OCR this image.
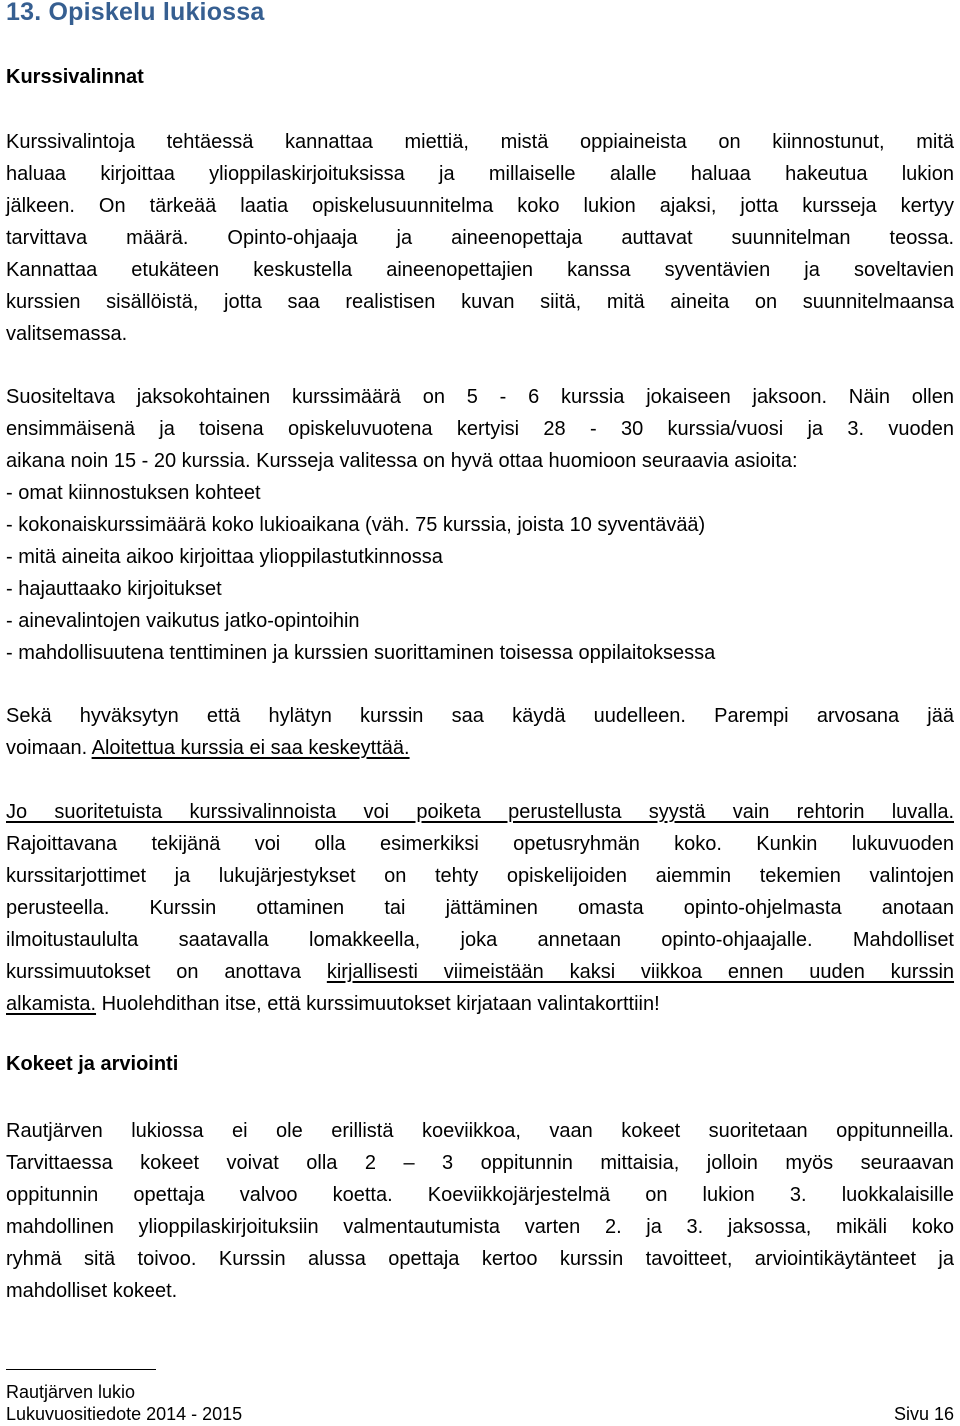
13. Opiskelu lukiossa
Kurssivalinnat
Kurssivalintoja tehtäessä kannattaa miettiä, mistä oppiaineista on kiinnostunut, mitä
haluaa kirjoittaa ylioppilaskirjoituksissa ja millaiselle alalle haluaa hakeutua lukion
jälkeen. On tärkeää laatia opiskelusuunnitelma koko lukion ajaksi, jotta kursseja kertyy
tarvittava määrä. Opinto-ohjaaja ja aineenopettaja auttavat suunnitelman teossa.
Kannattaa etukäteen keskustella aineenopettajien kanssa syventävien ja soveltavien
kurssien sisällöistä, jotta saa realistisen kuvan siitä, mitä aineita on suunnitelmaansa
valitsemassa.
Suositeltava jaksokohtainen kurssimäärä on 5 - 6 kurssia jokaiseen jaksoon. Näin ollen
ensimmäisenä ja toisena opiskeluvuotena kertyisi 28 - 30 kurssia/vuosi ja 3. vuoden
aikana noin 15 - 20 kurssia. Kursseja valitessa on hyvä ottaa huomioon seuraavia asioita:
- omat kiinnostuksen kohteet
- kokonaiskurssimäärä koko lukioaikana (väh. 75 kurssia, joista 10 syventävää)
- mitä aineita aikoo kirjoittaa ylioppilastutkinnossa
- hajauttaako kirjoitukset
- ainevalintojen vaikutus jatko-opintoihin
- mahdollisuutena tenttiminen ja kurssien suorittaminen toisessa oppilaitoksessa
Sekä hyväksytyn että hylätyn kurssin saa käydä uudelleen. Parempi arvosana jää
voimaan. Aloitettua kurssia ei saa keskeyttää.
Jo suoritetuista kurssivalinnoista voi poiketa perustellusta syystä vain rehtorin luvalla.
Rajoittavana tekijänä voi olla esimerkiksi opetusryhmän koko. Kunkin lukuvuoden
kurssitarjottimet ja lukujärjestykset on tehty opiskelijoiden aiemmin tekemien valintojen
perusteella. Kurssin ottaminen tai jättäminen omasta opinto-ohjelmasta anotaan
ilmoitustaululta saatavalla lomakkeella, joka annetaan opinto-ohjaajalle. Mahdolliset
kurssimuutokset on anottava kirjallisesti viimeistään kaksi viikkoa ennen uuden kurssin
alkamista. Huolehdithan itse, että kurssimuutokset kirjataan valintakorttiin!
Kokeet ja arviointi
Rautjärven lukiossa ei ole erillistä koeviikkoa, vaan kokeet suoritetaan oppitunneilla.
Tarvittaessa kokeet voivat olla 2 – 3 oppitunnin mittaisia, jolloin myös seuraavan
oppitunnin opettaja valvoo koetta. Koeviikkojärjestelmä on lukion 3. luokkalaisille
mahdollinen ylioppilaskirjoituksiin valmentautumista varten 2. ja 3. jaksossa, mikäli koko
ryhmä sitä toivoo. Kurssin alussa opettaja kertoo kurssin tavoitteet, arviointikäytänteet ja
mahdolliset kokeet.
Rautjärven lukio
Lukuvuositiedote 2014 - 2015	Sivu 16
